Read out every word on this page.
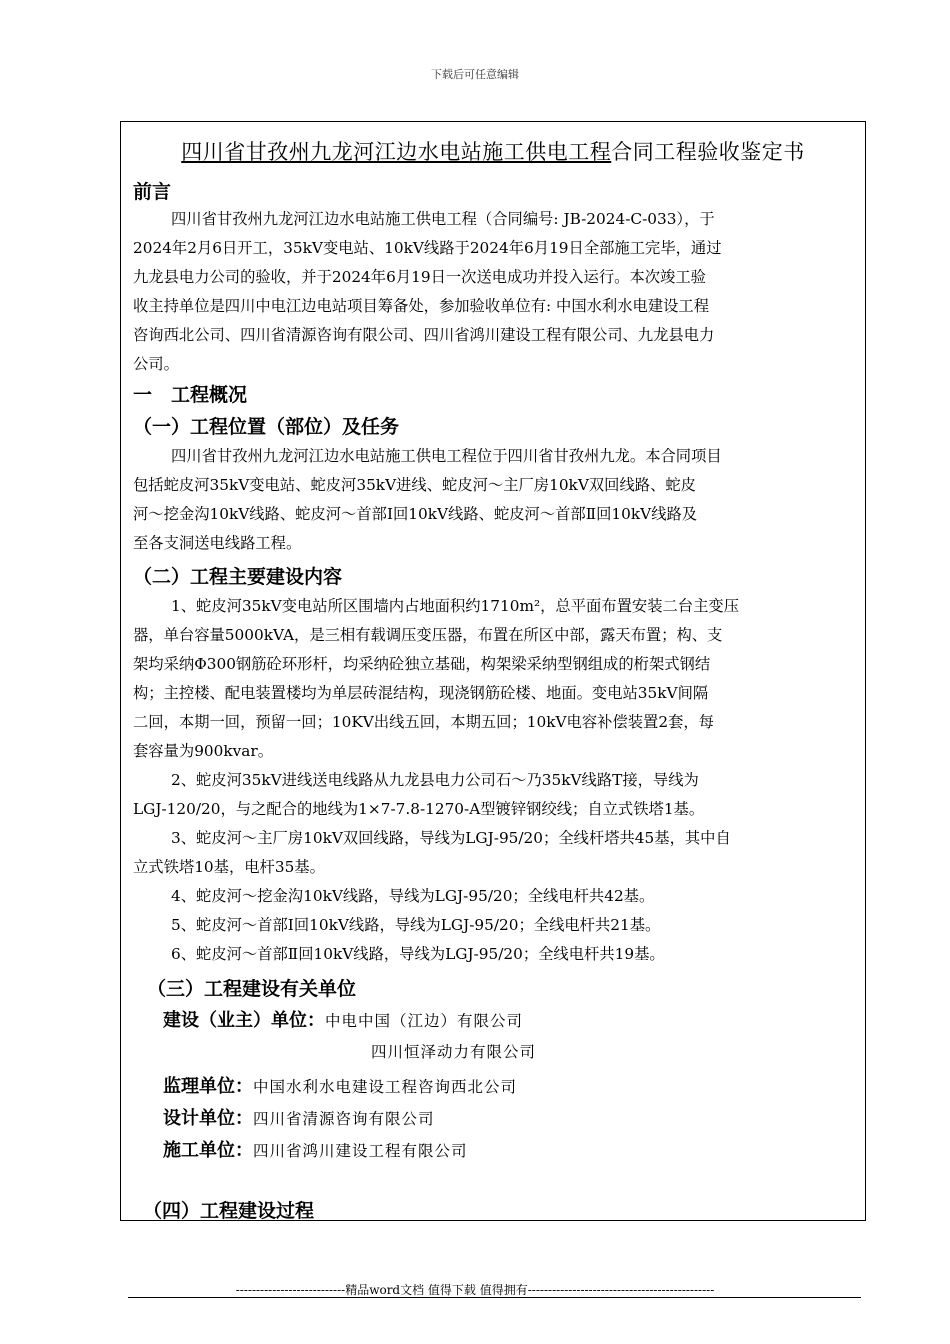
下载后可任意编辑
四川省甘孜州九龙河江边水电站施工供电工程合同工程验收鉴定书
前言
四川省甘孜州九龙河江边水电站施工供电工程（合同编号: JB-2024-C-033），于
2024年2月6日开工，35kV变电站、10kV线路于2024年6月19日全部施工完毕，通过
九龙县电力公司的验收，并于2024年6月19日一次送电成功并投入运行。本次竣工验
收主持单位是四川中电江边电站项目筹备处，参加验收单位有: 中国水利水电建设工程
咨询西北公司、四川省清源咨询有限公司、四川省鸿川建设工程有限公司、九龙县电力
公司。
一　工程概况
（一）工程位置（部位）及任务
四川省甘孜州九龙河江边水电站施工供电工程位于四川省甘孜州九龙。本合同项目
包括蛇皮河35kV变电站、蛇皮河35kV进线、蛇皮河～主厂房10kV双回线路、蛇皮
河～挖金沟10kV线路、蛇皮河～首部Ⅰ回10kV线路、蛇皮河～首部Ⅱ回10kV线路及
至各支洞送电线路工程。
（二）工程主要建设内容
1、蛇皮河35kV变电站所区围墙内占地面积约1710m²，总平面布置安装二台主变压
器，单台容量5000kVA，是三相有载调压变压器，布置在所区中部，露天布置；构、支
架均采纳Φ300钢筋砼环形杆，均采纳砼独立基础，构架梁采纳型钢组成的桁架式钢结
构；主控楼、配电装置楼均为单层砖混结构，现浇钢筋砼楼、地面。变电站35kV间隔
二回，本期一回，预留一回；10KV出线五回，本期五回；10kV电容补偿装置2套，每
套容量为900kvar。
2、蛇皮河35kV进线送电线路从九龙县电力公司石～乃35kV线路T接，导线为
LGJ-120/20，与之配合的地线为1×7-7.8-1270-A型镀锌钢绞线；自立式铁塔1基。
3、蛇皮河～主厂房10kV双回线路，导线为LGJ-95/20；全线杆塔共45基，其中自
立式铁塔10基，电杆35基。
4、蛇皮河～挖金沟10kV线路，导线为LGJ-95/20；全线电杆共42基。
5、蛇皮河～首部Ⅰ回10kV线路，导线为LGJ-95/20；全线电杆共21基。
6、蛇皮河～首部Ⅱ回10kV线路，导线为LGJ-95/20；全线电杆共19基。
（三）工程建设有关单位
建设（业主）单位：中电中国（江边）有限公司
四川恒泽动力有限公司
监理单位：中国水利水电建设工程咨询西北公司
设计单位：四川省清源咨询有限公司
施工单位：四川省鸿川建设工程有限公司
（四）工程建设过程
---------------------------精品word文档 值得下载 值得拥有----------------------------------------------
